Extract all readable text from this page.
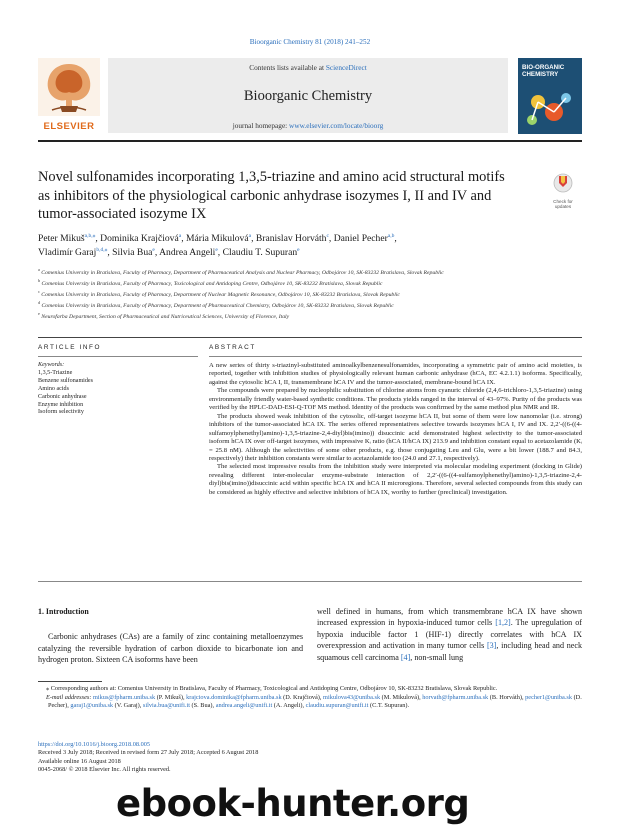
Bioorganic Chemistry 81 (2018) 241–252
ELSEVIER
Contents lists available at ScienceDirect
Bioorganic Chemistry
journal homepage: www.elsevier.com/locate/bioorg
BIO-ORGANIC
CHEMISTRY
Novel sulfonamides incorporating 1,3,5-triazine and amino acid structural motifs as inhibitors of the physiological carbonic anhydrase isozymes I, II and IV and tumor-associated isozyme IX
Check for
updates
Peter Mikuš$^{a,b,⁎}$, Dominika Krajčiová$^a$, Mária Mikulová$^a$, Branislav Horváth$^c$, Daniel Pecher$^{a,b}$,
Vladimír Garaj$^{b,d,⁎}$, Silvia Bua$^e$, Andrea Angeli$^e$, Claudiu T. Supuran$^e$

$^a$ Comenius University in Bratislava, Faculty of Pharmacy, Department of Pharmaceutical Analysis and Nuclear Pharmacy, Odbojárov 10, SK-83232 Bratislava, Slovak Republic

$^b$ Comenius University in Bratislava, Faculty of Pharmacy, Toxicological and Antidoping Centre, Odbojárov 10, SK-83232 Bratislava, Slovak Republic

$^c$ Comenius University in Bratislava, Faculty of Pharmacy, Department of Nuclear Magnetic Resonance, Odbojárov 10, SK-83232 Bratislava, Slovak Republic

$^d$ Comenius University in Bratislava, Faculty of Pharmacy, Department of Pharmaceutical Chemistry, Odbojárov 10, SK-83232 Bratislava, Slovak Republic

$^e$ Neurofarba Department, Section of Pharmaceutical and Nutriceutical Sciences, University of Florence, Italy

ARTICLE INFO	ABSTRACT
Keywords:
1,3,5-Triazine
Benzene sulfonamides
Amino acids
Carbonic anhydrase
Enzyme inhibition
Isoform selectivity

A new series of thirty s-triazinyl-substituted aminoalkylbenzenesulfonamides, incorporating a symmetric pair of amino acid moieties, is reported, together with inhibition studies of physiologically relevant human carbonic anhydrase (hCA, EC 4.2.1.1) isoforms. Specifically, against the cytosolic hCA I, II, transmembrane hCA IV and the tumor-associated, membrane-bound hCA IX.

The compounds were prepared by nucleophilic substitution of chlorine atoms from cyanuric chloride (2,4,6-trichloro-1,3,5-triazine) using environmentally friendly water-based synthetic conditions. The products yields ranged in the interval of 43–97%. Purity of the products was verified by the HPLC-DAD-ESI-Q-TOF MS method. Identity of the products was confirmed by the same method plus NMR and IR.

The products showed weak inhibition of the cytosolic, off-target isozyme hCA II, but some of them were low nanomolar (i.e. strong) inhibitors of the tumor-associated hCA IX. The series offered representatives selective towards isozymes hCA I, IV and IX. 2,2′-((6-((4-sulfamoylphenethyl)amino)-1,3,5-triazine-2,4-diyl)bis(imino)) disuccinic acid demonstrated highest selectivity to the tumor-associated isoform hCA IX over off-target isozymes, with impressive Kᵢ ratio (hCA II/hCA IX) 213.9 and inhibition constant equal to acetazolamide (Kᵢ = 25.8 nM). Although the selectivities of some other products, e.g. those conjugating Leu and Glu, were a bit lower (188.7 and 84.3, respectively) their inhibition constants were similar to acetazolamide too (24.0 and 27.1, respectively).

The selected most impressive results from the inhibition study were interpreted via molecular modeling experiment (docking in Glide) revealing different inter-molecular enzyme-substrate interaction of 2,2′-((6-((4-sulfamoylphenethyl)amino)-1,3,5-triazine-2,4-diyl)bis(imino))disuccinic acid within specific hCA IX and hCA II microregions. Therefore, several selected compounds from this study can be considered as highly effective and selective inhibitors of hCA IX, worthy to further (preclinical) investigation.

1. Introduction

Carbonic anhydrases (CAs) are a family of zinc containing metalloenzymes catalyzing the reversible hydration of carbon dioxide to bicarbonate ion and hydrogen proton. Sixteen CA isoforms have been

well defined in humans, from which transmembrane hCA IX have shown increased expression in hypoxia-induced tumor cells [1,2]. The upregulation of hypoxia inducible factor 1 (HIF-1) directly correlates with hCA IX overexpression and activation in many tumor cells [3], including head and neck squamous cell carcinoma [4], non-small lung

⁎ Corresponding authors at: Comenius University in Bratislava, Faculty of Pharmacy, Toxicological and Antidoping Centre, Odbojárov 10, SK-83232 Bratislava, Slovak Republic.

E-mail addresses: mikus@fpharm.uniba.sk (P. Mikuš), krajciova.dominika@fpharm.uniba.sk (D. Krajčiová), mikulova43@uniba.sk (M. Mikulová), horvath@fpharm.uniba.sk (B. Horváth), pecher1@uniba.sk (D. Pecher), garaj1@uniba.sk (V. Garaj), silvia.bua@unifi.it (S. Bua), andrea.angeli@unifi.it (A. Angeli), claudiu.supuran@unifi.it (C.T. Supuran).

https://doi.org/10.1016/j.bioorg.2018.08.005
Received 3 July 2018; Received in revised form 27 July 2018; Accepted 6 August 2018
Available online 16 August 2018
0045-2068/ © 2018 Elsevier Inc. All rights reserved.
ebook-hunter.org
